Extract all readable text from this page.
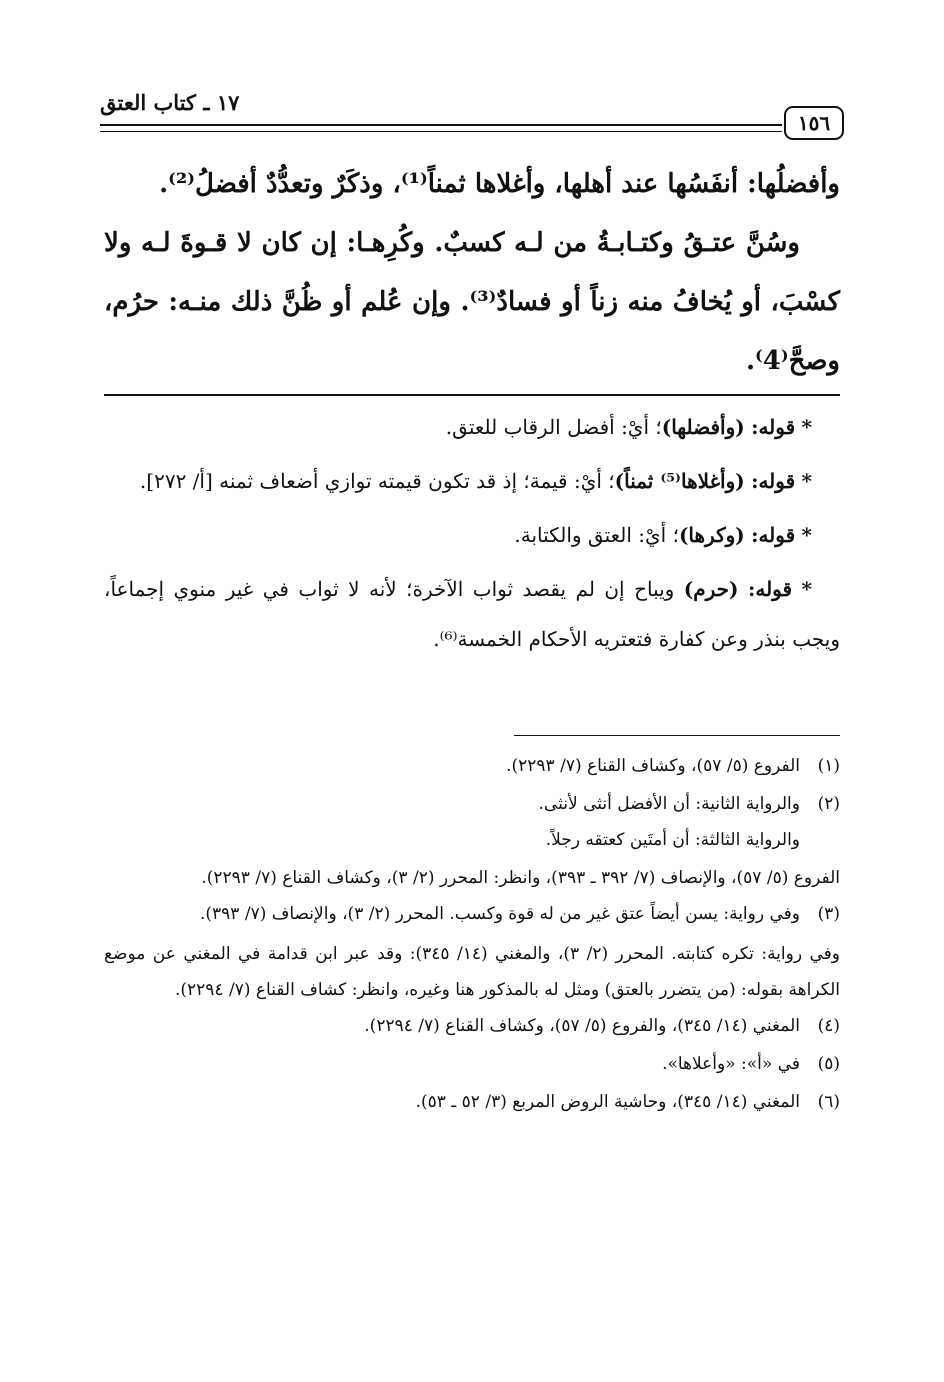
١٥٦
١٧ ـ كتاب العتق

وأفضلُها: أنفَسُها عند أهلها، وأغلاها ثمناً⁽¹⁾، وذكَرٌ وتعدُّدٌ أفضلُ⁽²⁾.

وسُنَّ عتـقُ وكتـابـةُ من لـه كسبٌ. وكُرِهـا: إن كان لا قـوةَ لـه ولا كسْبَ، أو يُخافُ منه زناً أو فسادٌ⁽³⁾. وإن عُلم أو ظُنَّ ذلك منـه: حرُم، وصحَّ⁽4⁾.

* قوله: (وأفضلها)؛ أيْ: أفضل الرقاب للعتق.

* قوله: (وأغلاها⁽⁵⁾ ثمناً)؛ أيْ: قيمة؛ إذ قد تكون قيمته توازي أضعاف ثمنه [أ/ ٢٧٢].

* قوله: (وكرها)؛ أيْ: العتق والكتابة.

* قوله: (حرم) ويباح إن لم يقصد ثواب الآخرة؛ لأنه لا ثواب في غير منوي إجماعاً، ويجب بنذر وعن كفارة فتعتريه الأحكام الخمسة⁽⁶⁾.

(١)

الفروع (٥/ ٥٧)، وكشاف القناع (٧/ ٢٢٩٣).

(٢)

والرواية الثانية: أن الأفضل أنثى لأنثى.

والرواية الثالثة: أن أمتَين كعتقه رجلاً.

الفروع (٥/ ٥٧)، والإنصاف (٧/ ٣٩٢ ـ ٣٩٣)، وانظر: المحرر (٢/ ٣)، وكشاف القناع (٧/ ٢٢٩٣).

(٣)

وفي رواية: يسن أيضاً عتق غير من له قوة وكسب. المحرر (٢/ ٣)، والإنصاف (٧/ ٣٩٣).

وفي رواية: تكره كتابته. المحرر (٢/ ٣)، والمغني (١٤/ ٣٤٥): وقد عبر ابن قدامة في المغني عن موضع الكراهة بقوله: (من يتضرر بالعتق) ومثل له بالمذكور هنا وغيره، وانظر: كشاف القناع (٧/ ٢٢٩٤).

(٤)

المغني (١٤/ ٣٤٥)، والفروع (٥/ ٥٧)، وكشاف القناع (٧/ ٢٢٩٤).

(٥)

في «أ»: «وأعلاها».

(٦)

المغني (١٤/ ٣٤٥)، وحاشية الروض المربع (٣/ ٥٢ ـ ٥٣).
